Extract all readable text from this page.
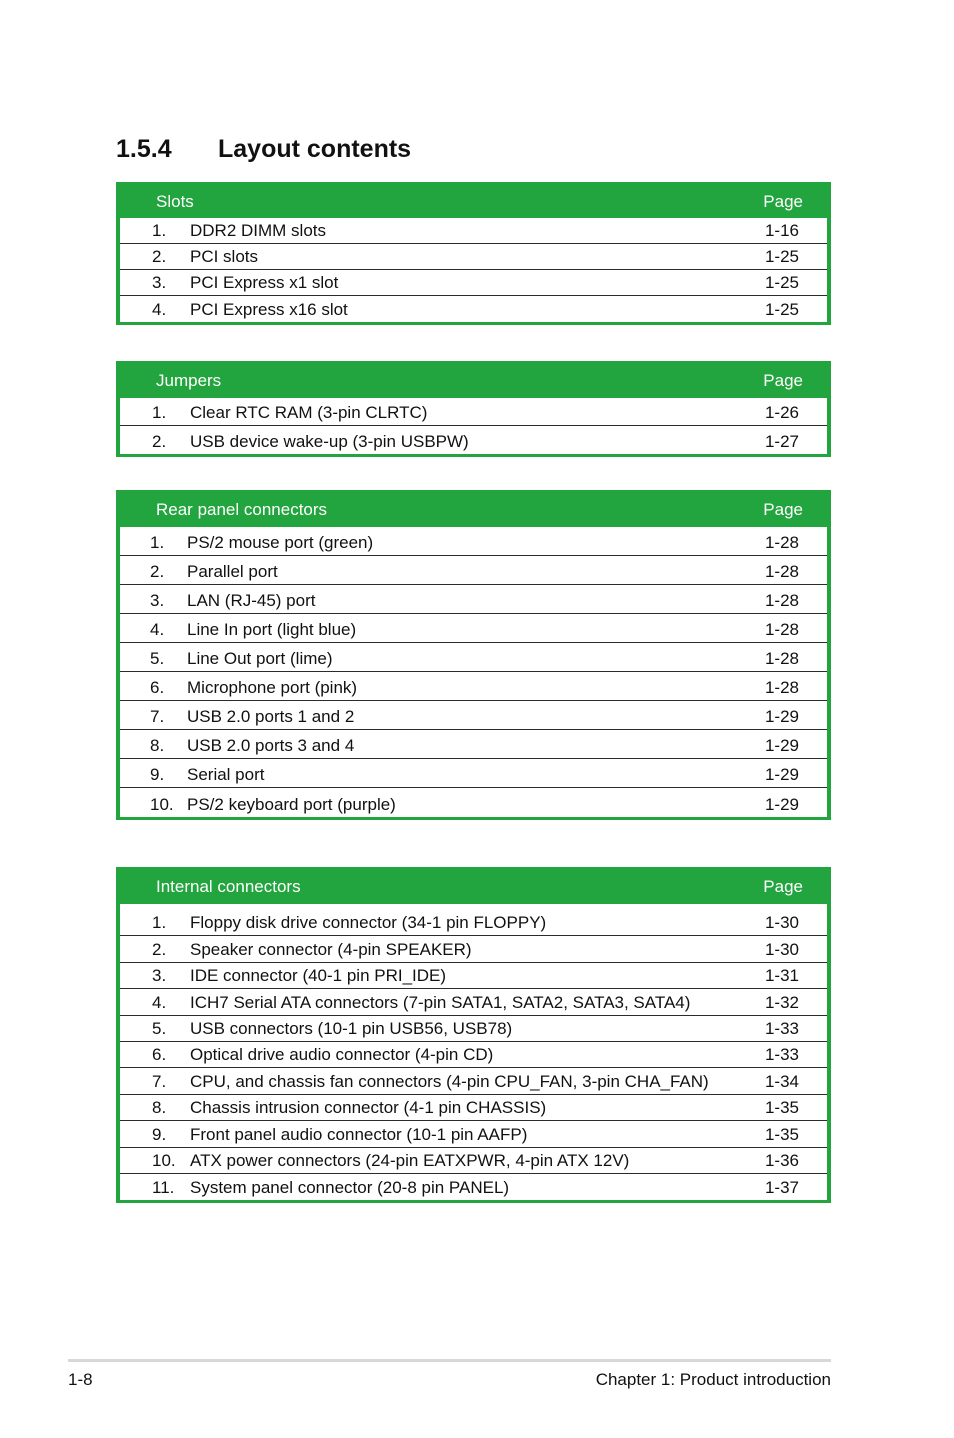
1.5.4 Layout contents
Slots	Page
1. DDR2 DIMM slots	1-16
2. PCI slots	1-25
3. PCI Express x1 slot	1-25
4. PCI Express x16 slot	1-25
Jumpers	Page
1. Clear RTC RAM (3-pin CLRTC)	1-26
2. USB device wake-up (3-pin USBPW)	1-27
Rear panel connectors	Page
1. PS/2 mouse port (green)	1-28
2. Parallel port	1-28
3. LAN (RJ-45) port	1-28
4. Line In port (light blue)	1-28
5. Line Out port (lime)	1-28
6. Microphone port (pink)	1-28
7. USB 2.0 ports 1 and 2	1-29
8. USB 2.0 ports 3 and 4	1-29
9. Serial port	1-29
10. PS/2 keyboard port (purple)	1-29
Internal connectors	Page
1. Floppy disk drive connector (34-1 pin FLOPPY)	1-30
2. Speaker connector (4-pin SPEAKER)	1-30
3. IDE connector (40-1 pin PRI_IDE)	1-31
4. ICH7 Serial ATA connectors (7-pin SATA1, SATA2, SATA3, SATA4)	1-32
5. USB connectors (10-1 pin USB56, USB78)	1-33
6. Optical drive audio connector (4-pin CD)	1-33
7. CPU, and chassis fan connectors (4-pin CPU_FAN, 3-pin CHA_FAN)	1-34
8. Chassis intrusion connector (4-1 pin CHASSIS)	1-35
9. Front panel audio connector (10-1 pin AAFP)	1-35
10. ATX power connectors (24-pin EATXPWR, 4-pin ATX 12V)	1-36
11. System panel connector (20-8 pin PANEL)	1-37
1-8	Chapter 1: Product introduction
